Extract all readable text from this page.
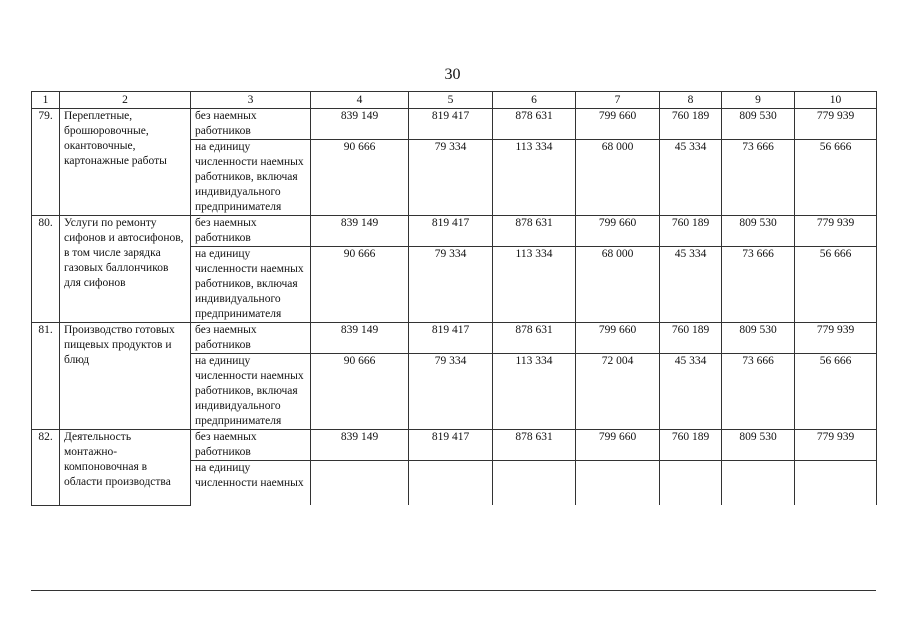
30
1	2	3	4	5	6	7	8	9	10
79.	Переплетные, брошюровочные, окантовочные, картонажные работы	без наемных работников	839 149	819 417	878 631	799 660	760 189	809 530	779 939
		на единицу численности наемных работников, включая индивидуального предпринимателя	90 666	79 334	113 334	68 000	45 334	73 666	56 666
80.	Услуги по ремонту сифонов и автосифонов, в том числе зарядка газовых баллончиков для сифонов	без наемных работников	839 149	819 417	878 631	799 660	760 189	809 530	779 939
		на единицу численности наемных работников, включая индивидуального предпринимателя	90 666	79 334	113 334	68 000	45 334	73 666	56 666
81.	Производство готовых пищевых продуктов и блюд	без наемных работников	839 149	819 417	878 631	799 660	760 189	809 530	779 939
		на единицу численности наемных работников, включая индивидуального предпринимателя	90 666	79 334	113 334	72 004	45 334	73 666	56 666
82.	Деятельность монтажно-компоновочная в области производства	без наемных работников	839 149	819 417	878 631	799 660	760 189	809 530	779 939

		на единицу численности наемных							
